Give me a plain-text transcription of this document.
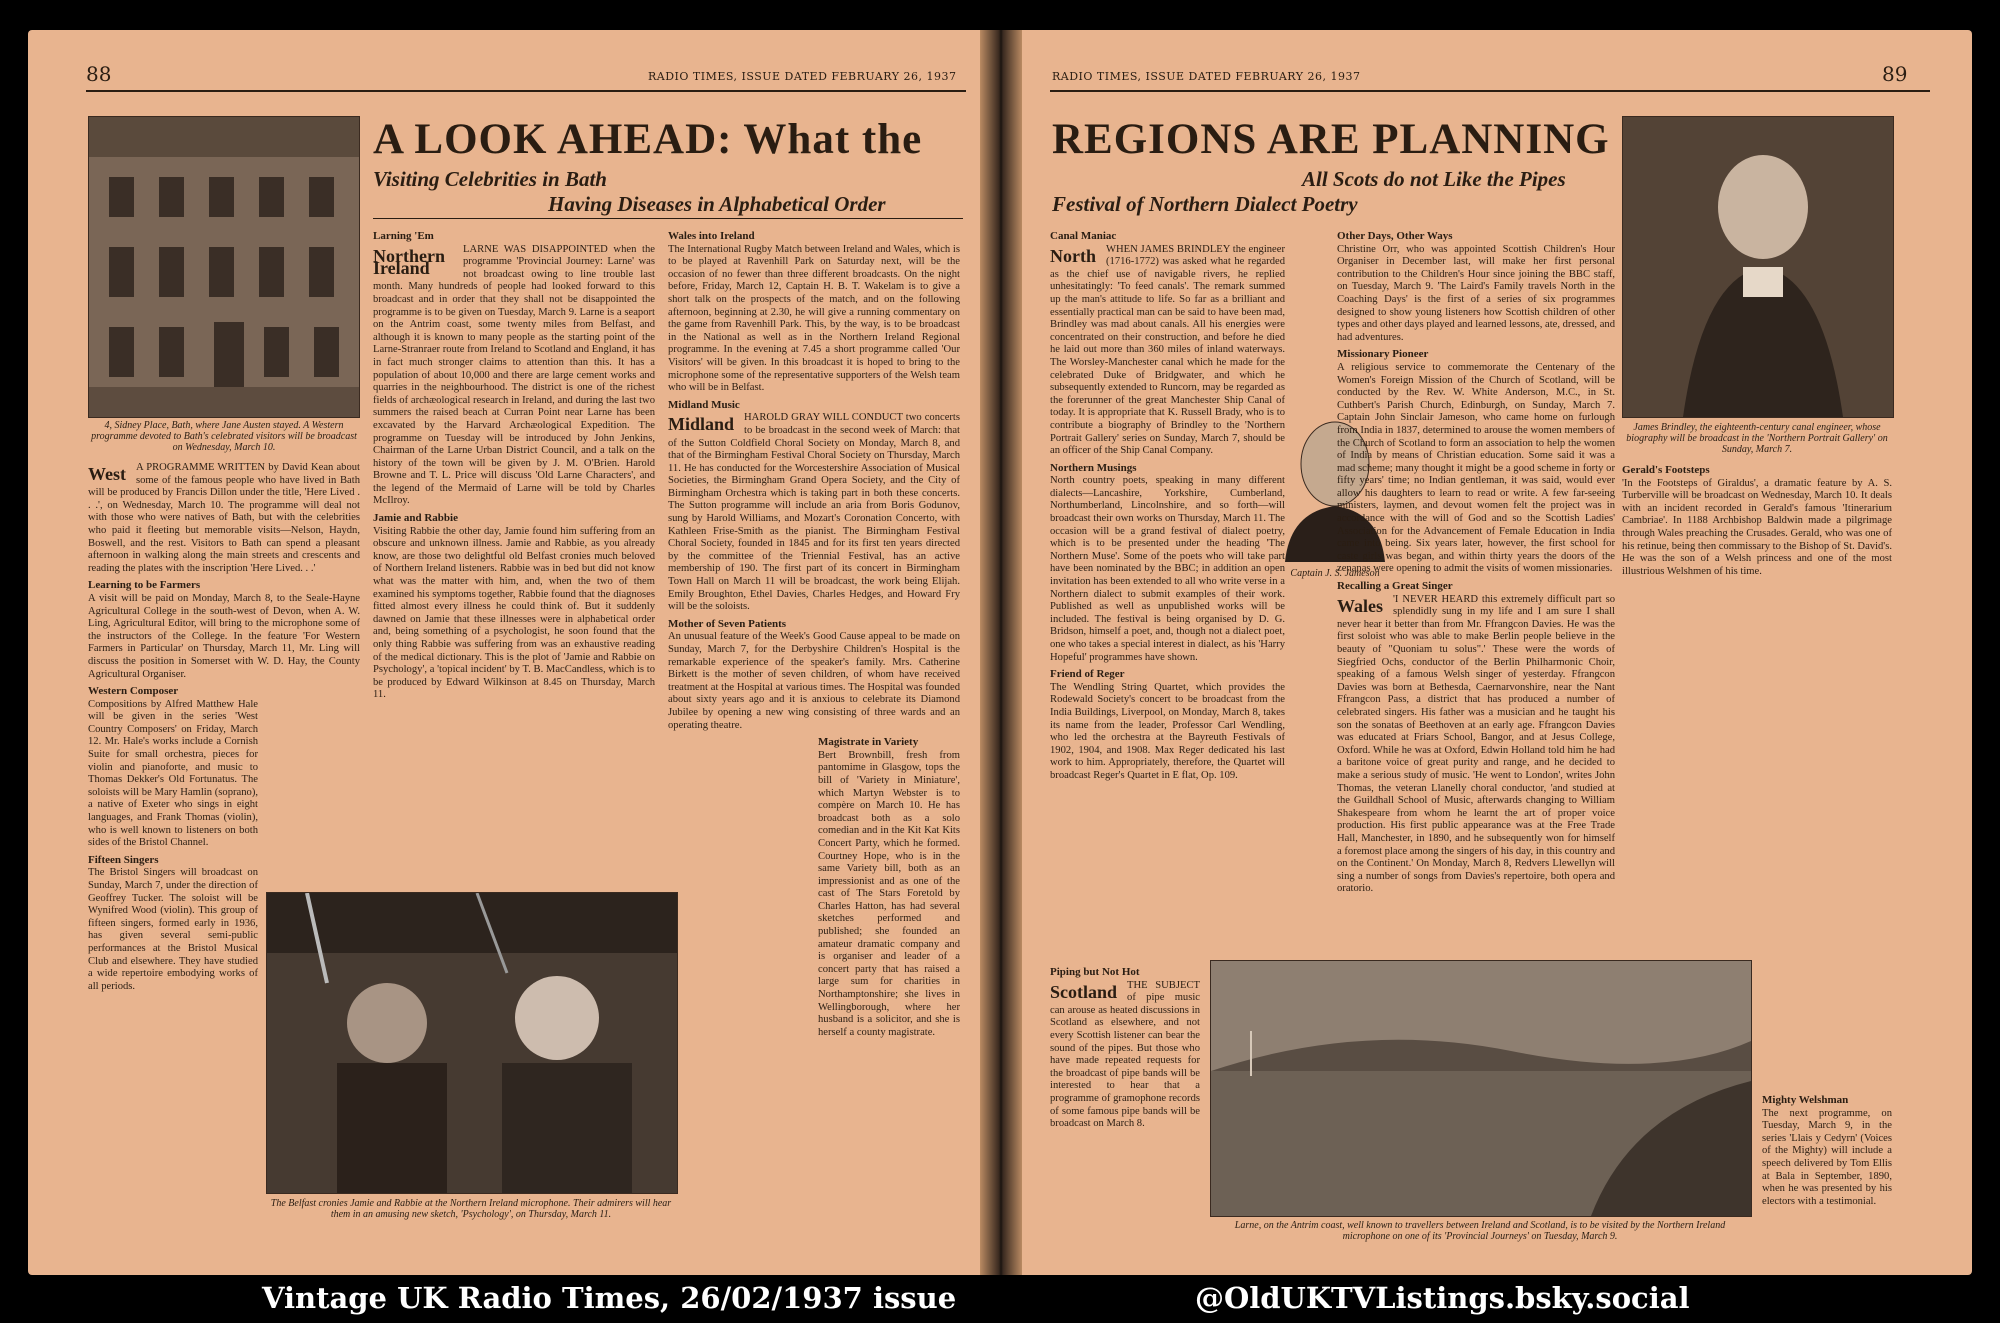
88	RADIO TIMES, ISSUE DATED FEBRUARY 26, 1937
4, Sidney Place, Bath, where Jane Austen stayed. A Western programme devoted to Bath's celebrated visitors will be broadcast on Wednesday, March 10.
A LOOK AHEAD: What the
Visiting Celebrities in Bath
Having Diseases in Alphabetical Order
West A PROGRAMME WRITTEN by David Kean about some of the famous people who have lived in Bath will be produced by Francis Dillon under the title, 'Here Lived . . .', on Wednesday, March 10. The programme will deal not with those who were natives of Bath, but with the celebrities who paid it fleeting but memorable visits—Nelson, Haydn, Boswell, and the rest. Visitors to Bath can spend a pleasant afternoon in walking along the main streets and crescents and reading the plates with the inscription 'Here Lived. . .'

Learning to be Farmers

A visit will be paid on Monday, March 8, to the Seale-Hayne Agricultural College in the south-west of Devon, when A. W. Ling, Agricultural Editor, will bring to the microphone some of the instructors of the College. In the feature 'For Western Farmers in Particular' on Thursday, March 11, Mr. Ling will discuss the position in Somerset with W. D. Hay, the County Agricultural Organiser.

Western Composer

Compositions by Alfred Matthew Hale will be given in the series 'West Country Composers' on Friday, March 12. Mr. Hale's works include a Cornish Suite for small orchestra, pieces for violin and pianoforte, and music to Thomas Dekker's Old Fortunatus. The soloists will be Mary Hamlin (soprano), a native of Exeter who sings in eight languages, and Frank Thomas (violin), who is well known to listeners on both sides of the Bristol Channel.

Fifteen Singers

The Bristol Singers will broadcast on Sunday, March 7, under the direction of Geoffrey Tucker. The soloist will be Wynifred Wood (violin). This group of fifteen singers, formed early in 1936, has given several semi-public performances at the Bristol Musical Club and elsewhere. They have studied a wide repertoire embodying works of all periods.

Larning 'Em
Northern Ireland

LARNE WAS DISAPPOINTED when the programme 'Provincial Journey: Larne' was not broadcast owing to line trouble last month. Many hundreds of people had looked forward to this broadcast and in order that they shall not be disappointed the programme is to be given on Tuesday, March 9. Larne is a seaport on the Antrim coast, some twenty miles from Belfast, and although it is known to many people as the starting point of the Larne-Stranraer route from Ireland to Scotland and England, it has in fact much stronger claims to attention than this. It has a population of about 10,000 and there are large cement works and quarries in the neighbourhood. The district is one of the richest fields of archæological research in Ireland, and during the last two summers the raised beach at Curran Point near Larne has been excavated by the Harvard Archæological Expedition. The programme on Tuesday will be introduced by John Jenkins, Chairman of the Larne Urban District Council, and a talk on the history of the town will be given by J. M. O'Brien. Harold Browne and T. L. Price will discuss 'Old Larne Characters', and the legend of the Mermaid of Larne will be told by Charles McIlroy.

Jamie and Rabbie

Visiting Rabbie the other day, Jamie found him suffering from an obscure and unknown illness. Jamie and Rabbie, as you already know, are those two delightful old Belfast cronies much beloved of Northern Ireland listeners. Rabbie was in bed but did not know what was the matter with him, and, when the two of them examined his symptoms together, Rabbie found that the diagnoses fitted almost every illness he could think of. But it suddenly dawned on Jamie that these illnesses were in alphabetical order and, being something of a psychologist, he soon found that the only thing Rabbie was suffering from was an exhaustive reading of the medical dictionary. This is the plot of 'Jamie and Rabbie on Psychology', a 'topical incident' by T. B. MacCandless, which is to be produced by Edward Wilkinson at 8.45 on Thursday, March 11.

Wales into Ireland

The International Rugby Match between Ireland and Wales, which is to be played at Ravenhill Park on Saturday next, will be the occasion of no fewer than three different broadcasts. On the night before, Friday, March 12, Captain H. B. T. Wakelam is to give a short talk on the prospects of the match, and on the following afternoon, beginning at 2.30, he will give a running commentary on the game from Ravenhill Park. This, by the way, is to be broadcast in the National as well as in the Northern Ireland Regional programme. In the evening at 7.45 a short programme called 'Our Visitors' will be given. In this broadcast it is hoped to bring to the microphone some of the representative supporters of the Welsh team who will be in Belfast.

Midland Music
Midland HAROLD GRAY WILL CONDUCT two concerts to be broadcast in the second week of March: that of the Sutton Coldfield Choral Society on Monday, March 8, and that of the Birmingham Festival Choral Society on Thursday, March 11. He has conducted for the Worcestershire Association of Musical Societies, the Birmingham Grand Opera Society, and the City of Birmingham Orchestra which is taking part in both these concerts. The Sutton programme will include an aria from Boris Godunov, sung by Harold Williams, and Mozart's Coronation Concerto, with Kathleen Frise-Smith as the pianist. The Birmingham Festival Choral Society, founded in 1845 and for its first ten years directed by the committee of the Triennial Festival, has an active membership of 190. The first part of its concert in Birmingham Town Hall on March 11 will be broadcast, the work being Elijah. Emily Broughton, Ethel Davies, Charles Hedges, and Howard Fry will be the soloists.

Mother of Seven Patients

An unusual feature of the Week's Good Cause appeal to be made on Sunday, March 7, for the Derbyshire Children's Hospital is the remarkable experience of the speaker's family. Mrs. Catherine Birkett is the mother of seven children, of whom have received treatment at the Hospital at various times. The Hospital was founded about sixty years ago and it is anxious to celebrate its Diamond Jubilee by opening a new wing consisting of three wards and an operating theatre.

Magistrate in Variety

Bert Brownbill, fresh from pantomime in Glasgow, tops the bill of 'Variety in Miniature', which Martyn Webster is to compère on March 10. He has broadcast both as a solo comedian and in the Kit Kat Kits Concert Party, which he formed. Courtney Hope, who is in the same Variety bill, both as an impressionist and as one of the cast of The Stars Foretold by Charles Hatton, has had several sketches performed and published; she founded an amateur dramatic company and is organiser and leader of a concert party that has raised a large sum for charities in Northamptonshire; she lives in Wellingborough, where her husband is a solicitor, and she is herself a county magistrate.

The Belfast cronies Jamie and Rabbie at the Northern Ireland microphone. Their admirers will hear them in an amusing new sketch, 'Psychology', on Thursday, March 11.
RADIO TIMES, ISSUE DATED FEBRUARY 26, 1937	89
REGIONS ARE PLANNING
All Scots do not Like the Pipes
Festival of Northern Dialect Poetry
James Brindley, the eighteenth-century canal engineer, whose biography will be broadcast in the 'Northern Portrait Gallery' on Sunday, March 7.
Captain J. S. Jameson
Canal Maniac
North WHEN JAMES BRINDLEY the engineer (1716-1772) was asked what he regarded as the chief use of navigable rivers, he replied unhesitatingly: 'To feed canals'. The remark summed up the man's attitude to life. So far as a brilliant and essentially practical man can be said to have been mad, Brindley was mad about canals. All his energies were concentrated on their construction, and before he died he laid out more than 360 miles of inland waterways. The Worsley-Manchester canal which he made for the celebrated Duke of Bridgwater, and which he subsequently extended to Runcorn, may be regarded as the forerunner of the great Manchester Ship Canal of today. It is appropriate that K. Russell Brady, who is to contribute a biography of Brindley to the 'Northern Portrait Gallery' series on Sunday, March 7, should be an officer of the Ship Canal Company.

Northern Musings

North country poets, speaking in many different dialects—Lancashire, Yorkshire, Cumberland, Northumberland, Lincolnshire, and so forth—will broadcast their own works on Thursday, March 11. The occasion will be a grand festival of dialect poetry, which is to be presented under the heading 'The Northern Muse'. Some of the poets who will take part have been nominated by the BBC; in addition an open invitation has been extended to all who write verse in a Northern dialect to submit examples of their work. Published as well as unpublished works will be included. The festival is being organised by D. G. Bridson, himself a poet, and, though not a dialect poet, one who takes a special interest in dialect, as his 'Harry Hopeful' programmes have shown.

Friend of Reger

The Wendling String Quartet, which provides the Rodewald Society's concert to be broadcast from the India Buildings, Liverpool, on Monday, March 8, takes its name from the leader, Professor Carl Wendling, who led the orchestra at the Bayreuth Festivals of 1902, 1904, and 1908. Max Reger dedicated his last work to him. Appropriately, therefore, the Quartet will broadcast Reger's Quartet in E flat, Op. 109.

Piping but Not Hot
Scotland THE SUBJECT of pipe music can arouse as heated discussions in Scotland as elsewhere, and not every Scottish listener can bear the sound of the pipes. But those who have made repeated requests for the broadcast of pipe bands will be interested to hear that a programme of gramophone records of some famous pipe bands will be broadcast on March 8.

Other Days, Other Ways

Christine Orr, who was appointed Scottish Children's Hour Organiser in December last, will make her first personal contribution to the Children's Hour since joining the BBC staff, on Tuesday, March 9. 'The Laird's Family travels North in the Coaching Days' is the first of a series of six programmes designed to show young listeners how Scottish children of other types and other days played and learned lessons, ate, dressed, and had adventures.

Missionary Pioneer

A religious service to commemorate the Centenary of the Women's Foreign Mission of the Church of Scotland, will be conducted by the Rev. W. White Anderson, M.C., in St. Cuthbert's Parish Church, Edinburgh, on Sunday, March 7. Captain John Sinclair Jameson, who came home on furlough from India in 1837, determined to arouse the women members of the Church of Scotland to form an association to help the women of India by means of Christian education. Some said it was a mad scheme; many thought it might be a good scheme in forty or fifty years' time; no Indian gentleman, it was said, would ever allow his daughters to learn to read or write. A few far-seeing ministers, laymen, and devout women felt the project was in accordance with the will of God and so the Scottish Ladies' Association for the Advancement of Female Education in India came into being. Six years later, however, the first school for caste girls was began, and within thirty years the doors of the zenanas were opening to admit the visits of women missionaries.

Recalling a Great Singer
Wales 'I NEVER HEARD this extremely difficult part so splendidly sung in my life and I am sure I shall never hear it better than from Mr. Ffrangcon Davies. He was the first soloist who was able to make Berlin people believe in the beauty of "Quoniam tu solus".' These were the words of Siegfried Ochs, conductor of the Berlin Philharmonic Choir, speaking of a famous Welsh singer of yesterday. Ffrangcon Davies was born at Bethesda, Caernarvonshire, near the Nant Ffrangcon Pass, a district that has produced a number of celebrated singers. His father was a musician and he taught his son the sonatas of Beethoven at an early age. Ffrangcon Davies was educated at Friars School, Bangor, and at Jesus College, Oxford. While he was at Oxford, Edwin Holland told him he had a baritone voice of great purity and range, and he decided to make a serious study of music. 'He went to London', writes John Thomas, the veteran Llanelly choral conductor, 'and studied at the Guildhall School of Music, afterwards changing to William Shakespeare from whom he learnt the art of proper voice production. His first public appearance was at the Free Trade Hall, Manchester, in 1890, and he subsequently won for himself a foremost place among the singers of his day, in this country and on the Continent.' On Monday, March 8, Redvers Llewellyn will sing a number of songs from Davies's repertoire, both opera and oratorio.

Gerald's Footsteps

'In the Footsteps of Giraldus', a dramatic feature by A. S. Turberville will be broadcast on Wednesday, March 10. It deals with an incident recorded in Gerald's famous 'Itinerarium Cambriae'. In 1188 Archbishop Baldwin made a pilgrimage through Wales preaching the Crusades. Gerald, who was one of his retinue, being then commissary to the Bishop of St. David's. He was the son of a Welsh princess and one of the most illustrious Welshmen of his time.

Mighty Welshman

The next programme, on Tuesday, March 9, in the series 'Llais y Cedyrn' (Voices of the Mighty) will include a speech delivered by Tom Ellis at Bala in September, 1890, when he was presented by his electors with a testimonial.

Larne, on the Antrim coast, well known to travellers between Ireland and Scotland, is to be visited by the Northern Ireland microphone on one of its 'Provincial Journeys' on Tuesday, March 9.
Vintage UK Radio Times, 26/02/1937 issue	@OldUKTVListings.bsky.social
